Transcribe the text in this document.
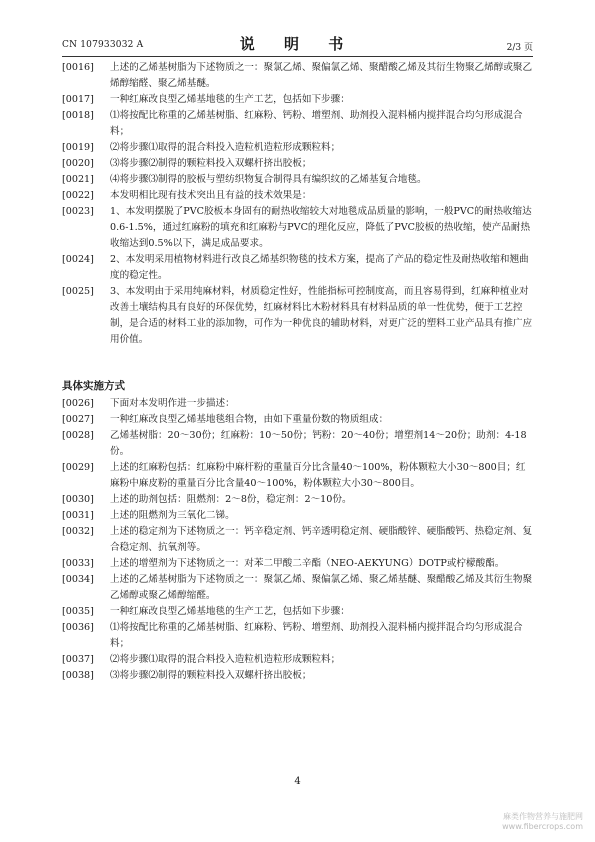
CN 107933032 A	说 明 书	2/3 页

[0016] 上述的乙烯基树脂为下述物质之一：聚氯乙烯、聚偏氯乙烯、聚醋酸乙烯及其衍生物聚乙烯醇或聚乙烯醇缩醛、聚乙烯基醚。

[0017] 一种红麻改良型乙烯基地毯的生产工艺，包括如下步骤：

[0018] ⑴将按配比称重的乙烯基树脂、红麻粉、钙粉、增塑剂、助剂投入混料桶内搅拌混合均匀形成混合料；

[0019] ⑵将步骤⑴取得的混合料投入造粒机造粒形成颗粒料；

[0020] ⑶将步骤⑵制得的颗粒料投入双螺杆挤出胶板；

[0021] ⑷将步骤⑶制得的胶板与塑纺织物复合制得具有编织纹的乙烯基复合地毯。

[0022] 本发明相比现有技术突出且有益的技术效果是：

[0023] 1、本发明摆脱了PVC胶板本身固有的耐热收缩较大对地毯成品质量的影响，一般PVC的耐热收缩达0.6-1.5%，通过红麻粉的填充和红麻粉与PVC的理化反应，降低了PVC胶板的热收缩，使产品耐热收缩达到0.5%以下，满足成品要求。

[0024] 2、本发明采用植物材料进行改良乙烯基织物毯的技术方案，提高了产品的稳定性及耐热收缩和翘曲度的稳定性。

[0025] 3、本发明由于采用纯麻材料，材质稳定性好，性能指标可控制度高，而且容易得到，红麻种植业对改善土壤结构具有良好的环保优势，红麻材料比木粉材料具有材料品质的单一性优势，便于工艺控制，是合适的材料工业的添加物，可作为一种优良的辅助材料，对更广泛的塑料工业产品具有推广应用价值。

具体实施方式

[0026] 下面对本发明作进一步描述：

[0027] 一种红麻改良型乙烯基地毯组合物，由如下重量份数的物质组成：

[0028] 乙烯基树脂：20～30份；红麻粉：10～50份；钙粉：20～40份；增塑剂14～20份；助剂：4-18份。

[0029] 上述的红麻粉包括：红麻粉中麻杆粉的重量百分比含量40～100%，粉体颗粒大小30～800目；红麻粉中麻皮粉的重量百分比含量40～100%，粉体颗粒大小30～800目。

[0030] 上述的助剂包括：阻燃剂：2～8份，稳定剂：2～10份。

[0031] 上述的阻燃剂为三氧化二锑。

[0032] 上述的稳定剂为下述物质之一：钙辛稳定剂、钙辛透明稳定剂、硬脂酸锌、硬脂酸钙、热稳定剂、复合稳定剂、抗氧剂等。

[0033] 上述的增塑剂为下述物质之一：对苯二甲酸二辛酯（NEO-AEKYUNG）DOTP或柠檬酸酯。

[0034] 上述的乙烯基树脂为下述物质之一：聚氯乙烯、聚偏氯乙烯、聚乙烯基醚、聚醋酸乙烯及其衍生物聚乙烯醇或聚乙烯醇缩醛。

[0035] 一种红麻改良型乙烯基地毯的生产工艺，包括如下步骤：

[0036] ⑴将按配比称重的乙烯基树脂、红麻粉、钙粉、增塑剂、助剂投入混料桶内搅拌混合均匀形成混合料；

[0037] ⑵将步骤⑴取得的混合料投入造粒机造粒形成颗粒料；

[0038] ⑶将步骤⑵制得的颗粒料投入双螺杆挤出胶板；

4
麻类作物营养与施肥网
www.fibercrops.com
